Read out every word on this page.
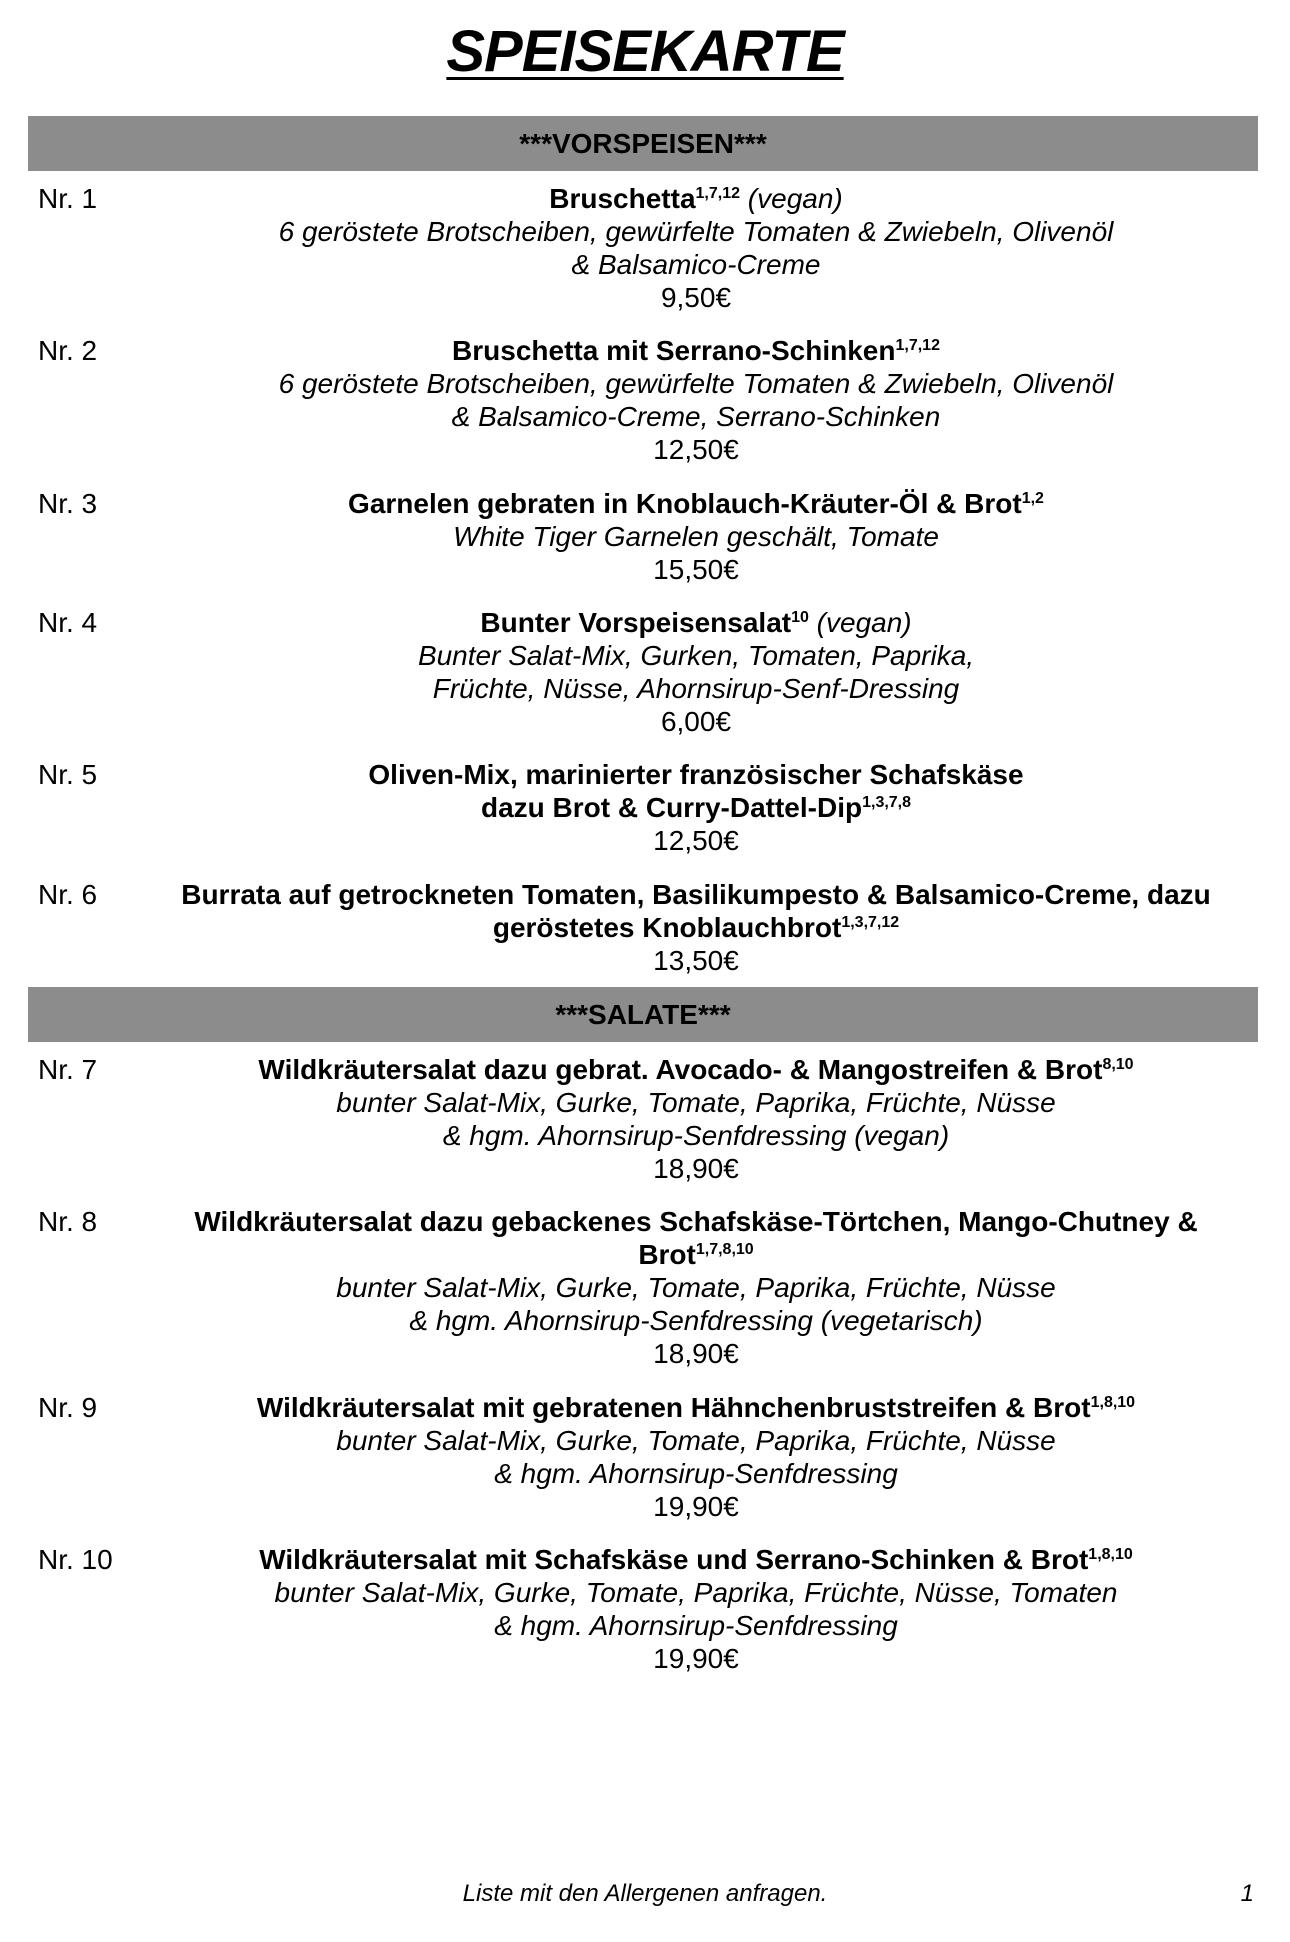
SPEISEKARTE
***VORSPEISEN***
Nr. 1	Bruschetta$^{1,7,12}$ (vegan)
6 geröstete Brotscheiben, gewürfelte Tomaten & Zwiebeln, Olivenöl
& Balsamico-Creme
9,50€
Nr. 2	Bruschetta mit Serrano-Schinken$^{1,7,12}$
6 geröstete Brotscheiben, gewürfelte Tomaten & Zwiebeln, Olivenöl
& Balsamico-Creme, Serrano-Schinken
12,50€
Nr. 3	Garnelen gebraten in Knoblauch-Kräuter-Öl & Brot$^{1,2}$
White Tiger Garnelen geschält, Tomate
15,50€
Nr. 4	Bunter Vorspeisensalat$^{10}$ (vegan)
Bunter Salat-Mix, Gurken, Tomaten, Paprika,
Früchte, Nüsse, Ahornsirup-Senf-Dressing
6,00€
Nr. 5	Oliven-Mix, marinierter französischer Schafskäse
dazu Brot & Curry-Dattel-Dip$^{1,3,7,8}$
12,50€
Nr. 6	Burrata auf getrockneten Tomaten, Basilikumpesto & Balsamico-Creme, dazu
geröstetes Knoblauchbrot$^{1,3,7,12}$
13,50€
***SALATE***
Nr. 7	Wildkräutersalat dazu gebrat. Avocado- & Mangostreifen & Brot$^{8,10}$
bunter Salat-Mix, Gurke, Tomate, Paprika, Früchte, Nüsse
& hgm. Ahornsirup-Senfdressing (vegan)
18,90€
Nr. 8	Wildkräutersalat dazu gebackenes Schafskäse-Törtchen, Mango-Chutney &
Brot$^{1,7,8,10}$
bunter Salat-Mix, Gurke, Tomate, Paprika, Früchte, Nüsse
& hgm. Ahornsirup-Senfdressing (vegetarisch)
18,90€
Nr. 9	Wildkräutersalat mit gebratenen Hähnchenbruststreifen & Brot$^{1,8,10}$
bunter Salat-Mix, Gurke, Tomate, Paprika, Früchte, Nüsse
& hgm. Ahornsirup-Senfdressing
19,90€
Nr. 10	Wildkräutersalat mit Schafskäse und Serrano-Schinken & Brot$^{1,8,10}$
bunter Salat-Mix, Gurke, Tomate, Paprika, Früchte, Nüsse, Tomaten
& hgm. Ahornsirup-Senfdressing
19,90€
Liste mit den Allergenen anfragen.	1
